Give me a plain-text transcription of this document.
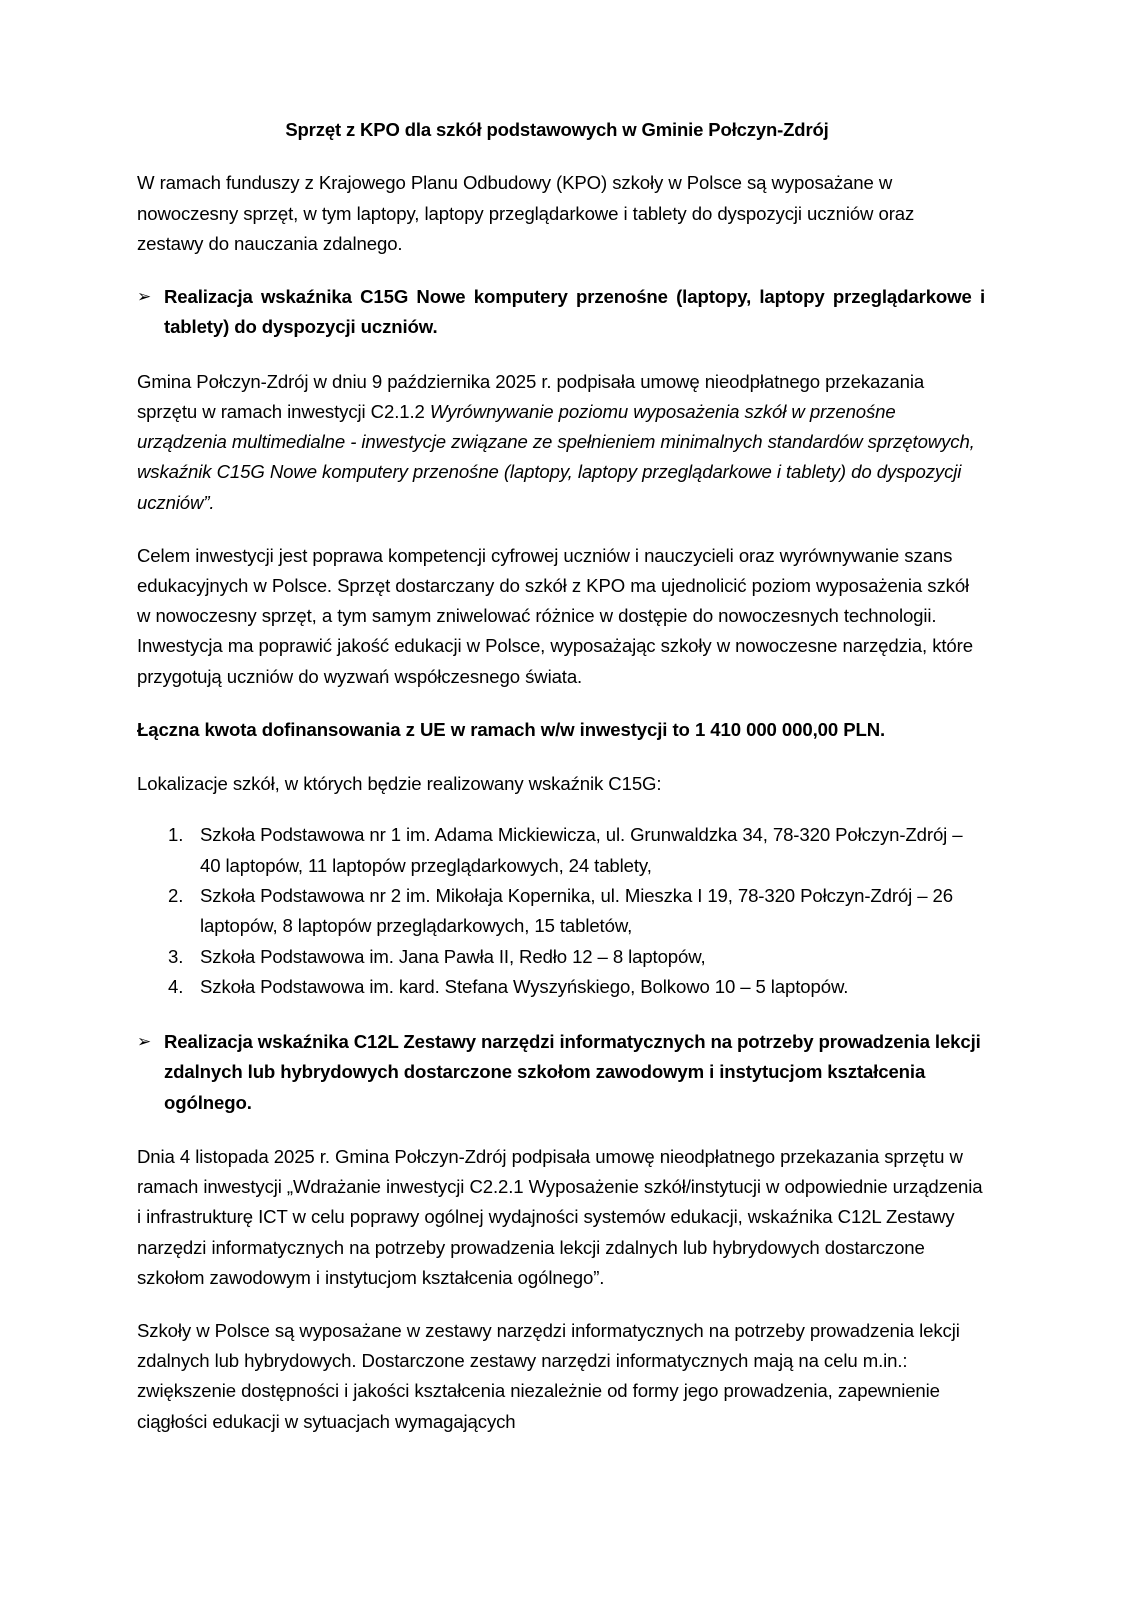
Sprzęt z KPO dla szkół podstawowych w Gminie Połczyn-Zdrój

W ramach funduszy z Krajowego Planu Odbudowy (KPO) szkoły w Polsce są wyposażane w nowoczesny sprzęt, w tym laptopy, laptopy przeglądarkowe i tablety do dyspozycji uczniów oraz zestawy do nauczania zdalnego.

➢ Realizacja wskaźnika C15G Nowe komputery przenośne (laptopy, laptopy przeglądarkowe i tablety) do dyspozycji uczniów.

Gmina Połczyn-Zdrój w dniu 9 października 2025 r. podpisała umowę nieodpłatnego przekazania sprzętu w ramach inwestycji C2.1.2 Wyrównywanie poziomu wyposażenia szkół w przenośne urządzenia multimedialne - inwestycje związane ze spełnieniem minimalnych standardów sprzętowych, wskaźnik C15G Nowe komputery przenośne (laptopy, laptopy przeglądarkowe i tablety) do dyspozycji uczniów”.

Celem inwestycji jest poprawa kompetencji cyfrowej uczniów i nauczycieli oraz wyrównywanie szans edukacyjnych w Polsce. Sprzęt dostarczany do szkół z KPO ma ujednolicić poziom wyposażenia szkół w nowoczesny sprzęt, a tym samym zniwelować różnice w dostępie do nowoczesnych technologii. Inwestycja ma poprawić jakość edukacji w Polsce, wyposażając szkoły w nowoczesne narzędzia, które przygotują uczniów do wyzwań współczesnego świata.

Łączna kwota dofinansowania z UE w ramach w/w inwestycji to 1 410 000 000,00 PLN.

Lokalizacje szkół, w których będzie realizowany wskaźnik C15G:

Szkoła Podstawowa nr 1 im. Adama Mickiewicza, ul. Grunwaldzka 34, 78-320 Połczyn-Zdrój – 40 laptopów, 11 laptopów przeglądarkowych, 24 tablety,
Szkoła Podstawowa nr 2 im. Mikołaja Kopernika, ul. Mieszka I 19, 78-320 Połczyn-Zdrój – 26 laptopów, 8 laptopów przeglądarkowych, 15 tabletów,
Szkoła Podstawowa im. Jana Pawła II, Redło 12 – 8 laptopów,
Szkoła Podstawowa im. kard. Stefana Wyszyńskiego, Bolkowo 10 – 5 laptopów.
➢ Realizacja wskaźnika C12L Zestawy narzędzi informatycznych na potrzeby prowadzenia lekcji zdalnych lub hybrydowych dostarczone szkołom zawodowym i instytucjom kształcenia ogólnego.

Dnia 4 listopada 2025 r. Gmina Połczyn-Zdrój podpisała umowę nieodpłatnego przekazania sprzętu w ramach inwestycji „Wdrażanie inwestycji C2.2.1 Wyposażenie szkół/instytucji w odpowiednie urządzenia i infrastrukturę ICT w celu poprawy ogólnej wydajności systemów edukacji, wskaźnika C12L Zestawy narzędzi informatycznych na potrzeby prowadzenia lekcji zdalnych lub hybrydowych dostarczone szkołom zawodowym i instytucjom kształcenia ogólnego”.

Szkoły w Polsce są wyposażane w zestawy narzędzi informatycznych na potrzeby prowadzenia lekcji zdalnych lub hybrydowych. Dostarczone zestawy narzędzi informatycznych mają na celu m.in.: zwiększenie dostępności i jakości kształcenia niezależnie od formy jego prowadzenia, zapewnienie ciągłości edukacji w sytuacjach wymagających
